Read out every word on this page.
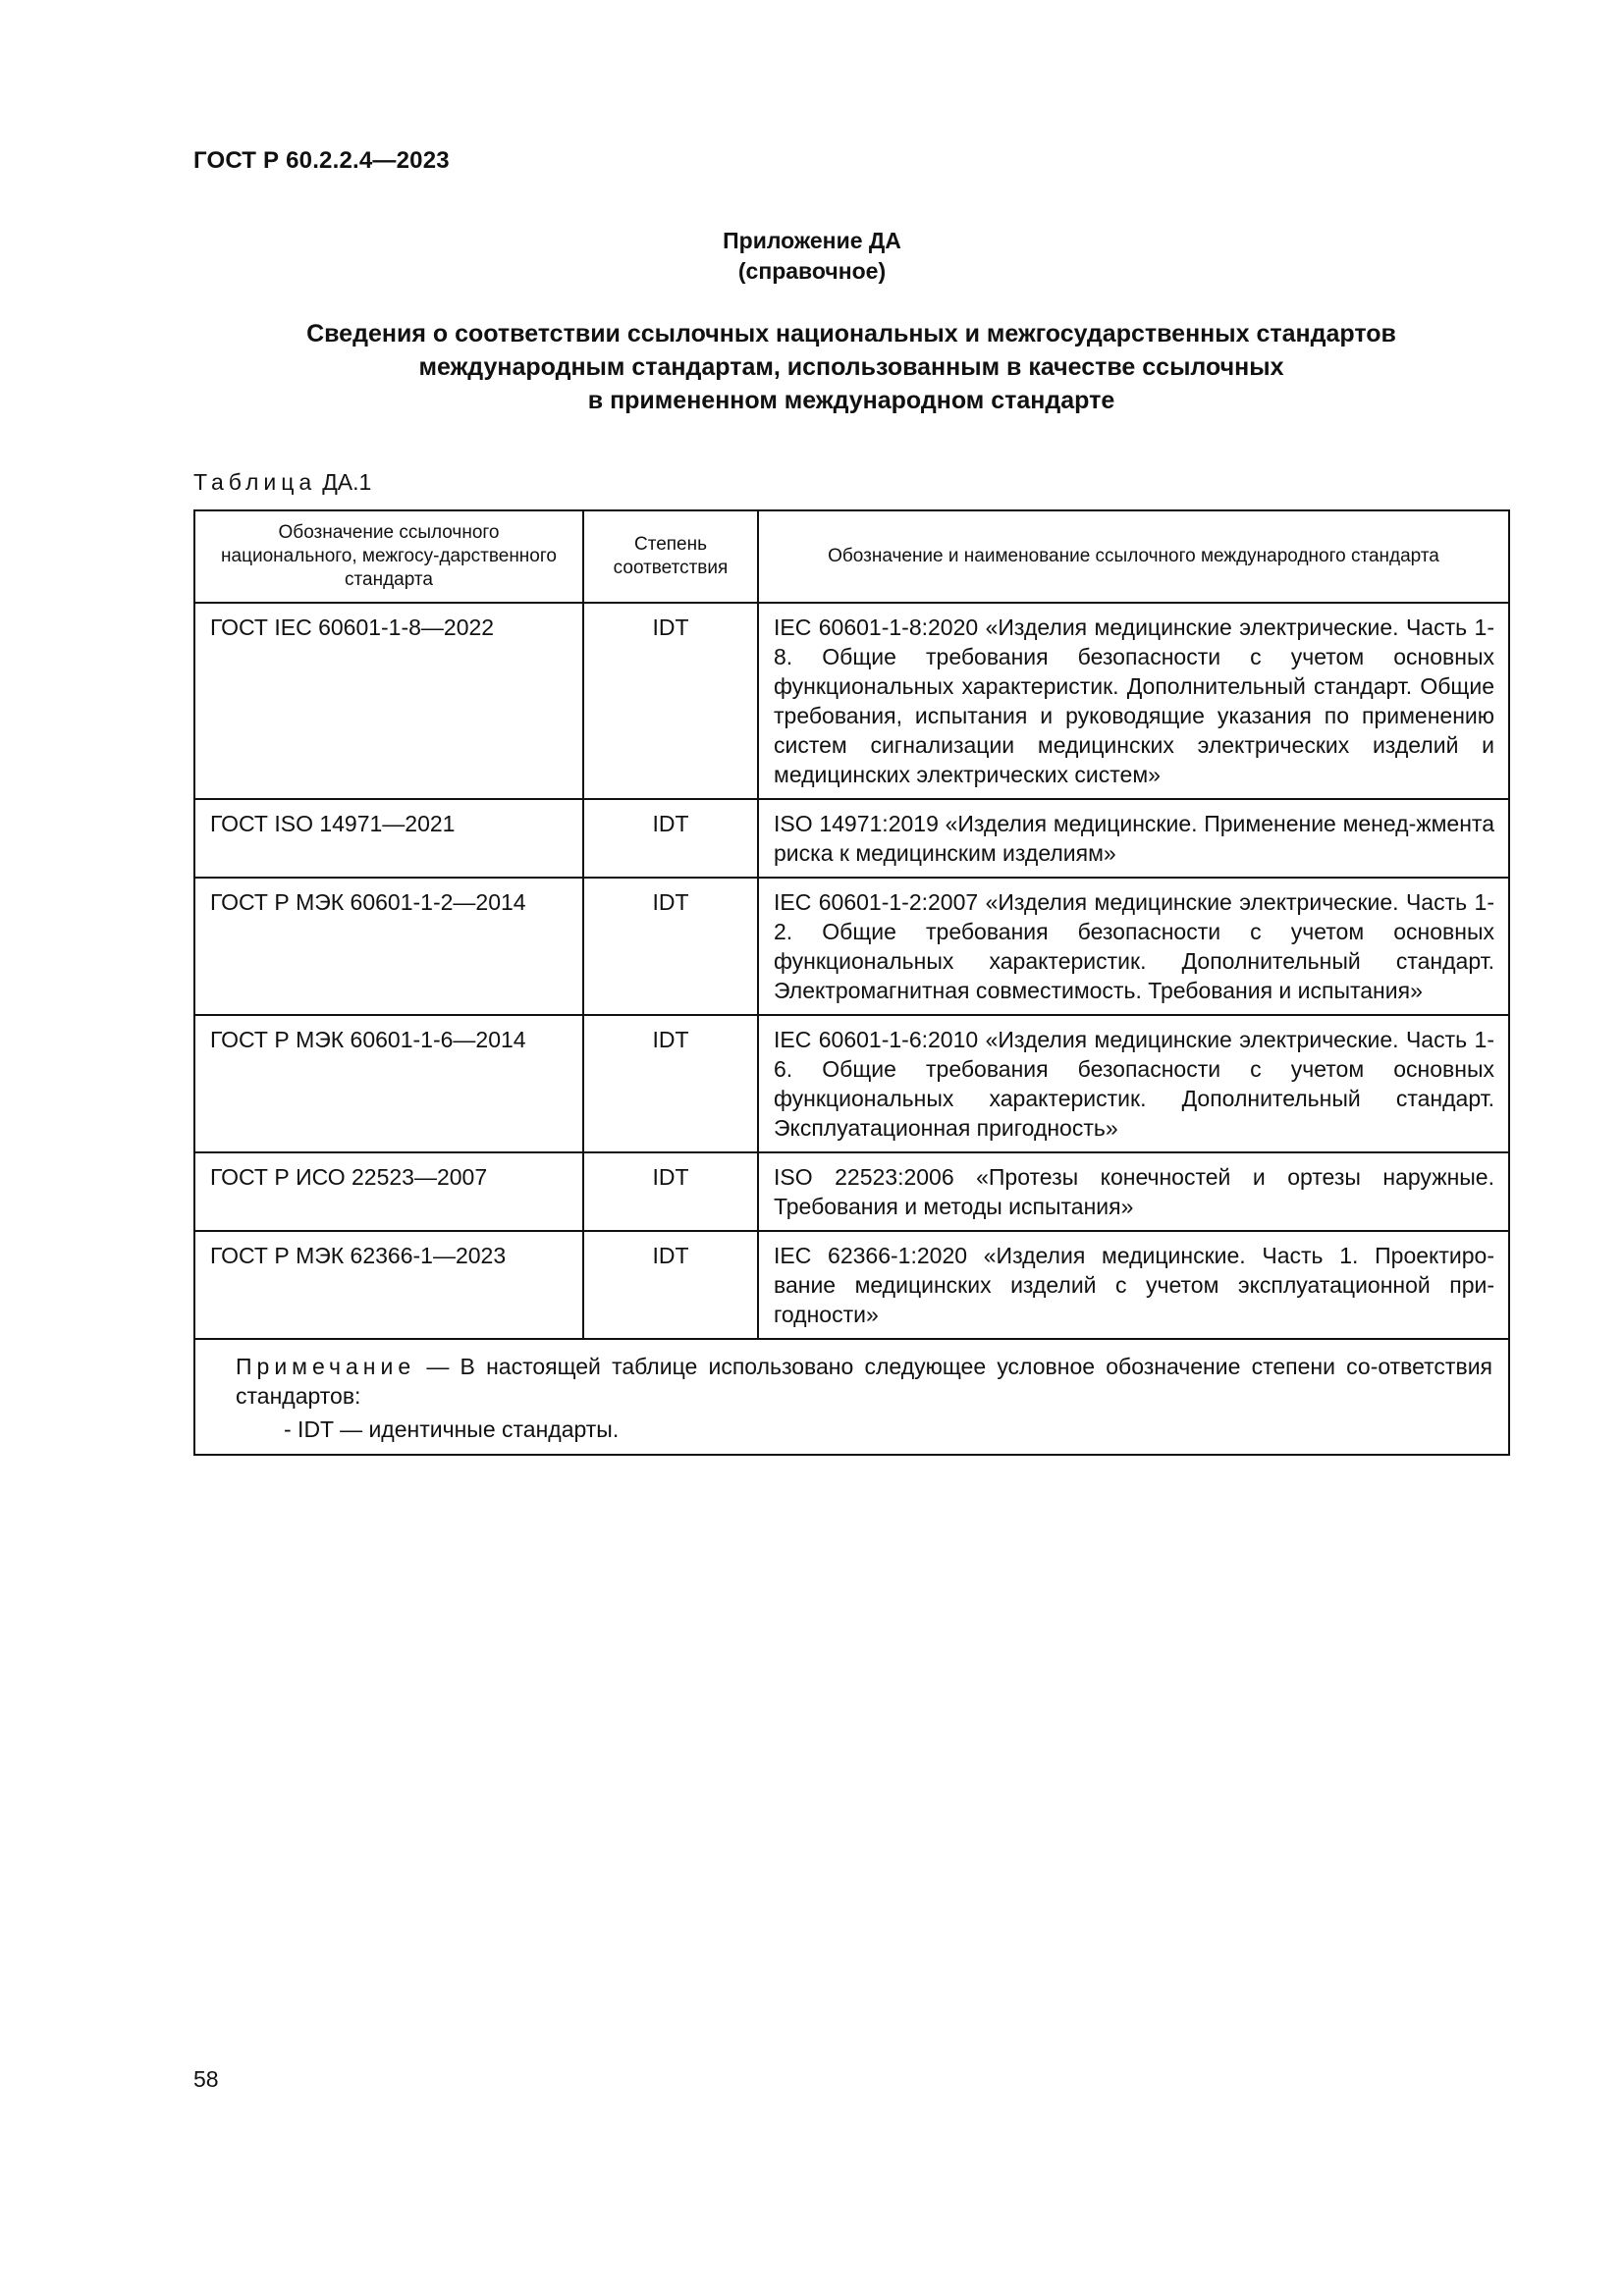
ГОСТ Р 60.2.2.4—2023
Приложение ДА
(справочное)
Сведения о соответствии ссылочных национальных и межгосударственных стандартов
международным стандартам, использованным в качестве ссылочных
в примененном международном стандарте
Таблица ДА.1
Обозначение ссылочного национального, межгосу-дарственного стандарта	Степень соответствия	Обозначение и наименование ссылочного международного стандарта
ГОСТ IEC 60601-1-8—2022	IDT	IEC 60601-1-8:2020 «Изделия медицинские электрические. Часть 1-8. Общие требования безопасности с учетом основных функциональных характеристик. Дополнительный стандарт. Общие требования, испытания и руководящие указания по применению систем сигнализации медицинских электрических изделий и медицинских электрических систем»
ГОСТ ISO 14971—2021	IDT	ISO 14971:2019 «Изделия медицинские. Применение менед-жмента риска к медицинским изделиям»
ГОСТ Р МЭК 60601-1-2—2014	IDT	IEC 60601-1-2:2007 «Изделия медицинские электрические. Часть 1-2. Общие требования безопасности с учетом основных функциональных характеристик. Дополнительный стандарт. Электромагнитная совместимость. Требования и испытания»
ГОСТ Р МЭК 60601-1-6—2014	IDT	IEC 60601-1-6:2010 «Изделия медицинские электрические. Часть 1-6. Общие требования безопасности с учетом основных функциональных характеристик. Дополнительный стандарт. Эксплуатационная пригодность»
ГОСТ Р ИСО 22523—2007	IDT	ISO 22523:2006 «Протезы конечностей и ортезы наружные. Требования и методы испытания»
ГОСТ Р МЭК 62366-1—2023	IDT	IEC 62366-1:2020 «Изделия медицинские. Часть 1. Проектиро-вание медицинских изделий с учетом эксплуатационной при-годности»
Примечание — В настоящей таблице использовано следующее условное обозначение степени со-ответствия стандартов:
- IDT — идентичные стандарты.		
58
